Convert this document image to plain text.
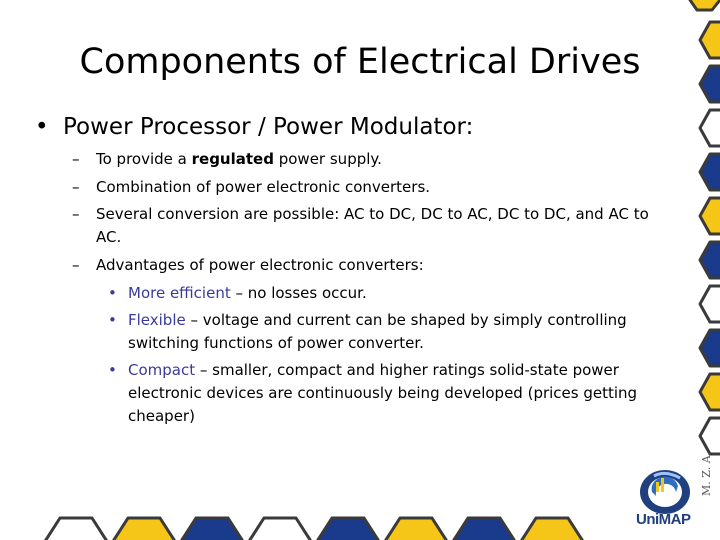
UniMAP
M. Z. A.
Components of Electrical Drives
• Power Processor / Power Modulator:
– To provide a regulated power supply.
– Combination of power electronic converters.
– Several conversion are possible: AC to DC, DC to AC, DC to DC, and AC to AC.
– Advantages of power electronic converters:
• More efficient – no losses occur.
• Flexible – voltage and current can be shaped by simply controlling switching functions of power converter.
• Compact – smaller, compact and higher ratings solid-state power electronic devices are continuously being developed (prices getting cheaper)
